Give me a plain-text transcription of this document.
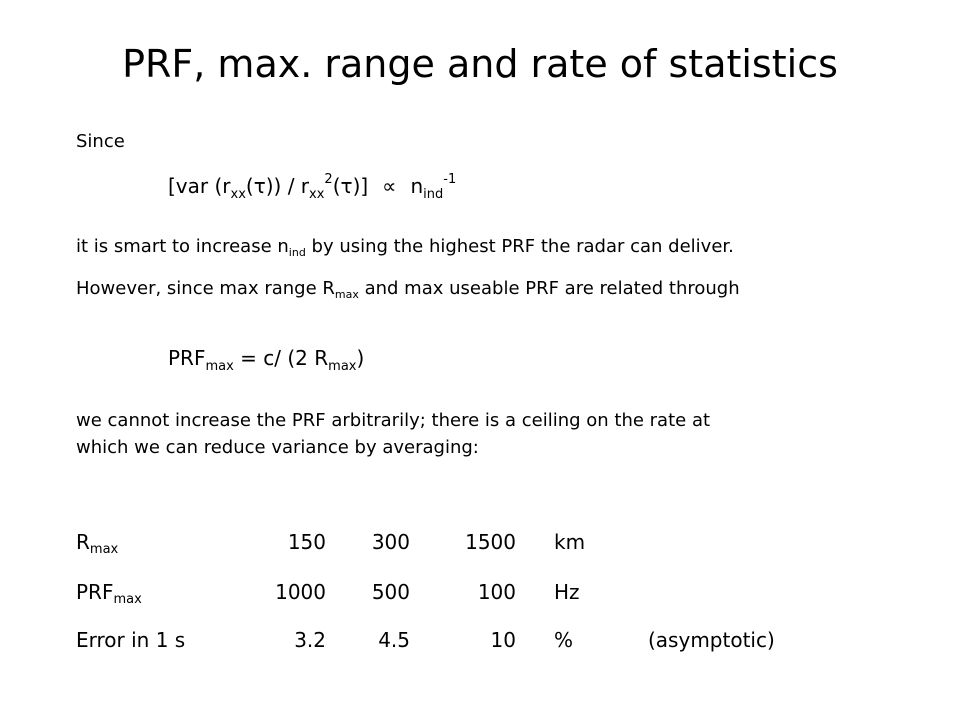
PRF, max. range and rate of statistics
Since
[var $(r_{xx}(\tau)) / r_{xx}^2(\tau)] \propto n_{ind}^{-1}$
it is smart to increase $n_{ind}$ by using the highest PRF the radar can deliver.
However, since max range $R_{max}$ and max useable PRF are related through
$PRF_{max} = c/$ (2 $R_{max}$)
we cannot increase the PRF arbitrarily; there is a ceiling on the rate at
which we can reduce variance by averaging:
$R_{max}$	150	300	1500 km
$PRF_{max}$	1000	500	100 Hz
Error in 1 s	3.2	4.5	10 %	(asymptotic)
